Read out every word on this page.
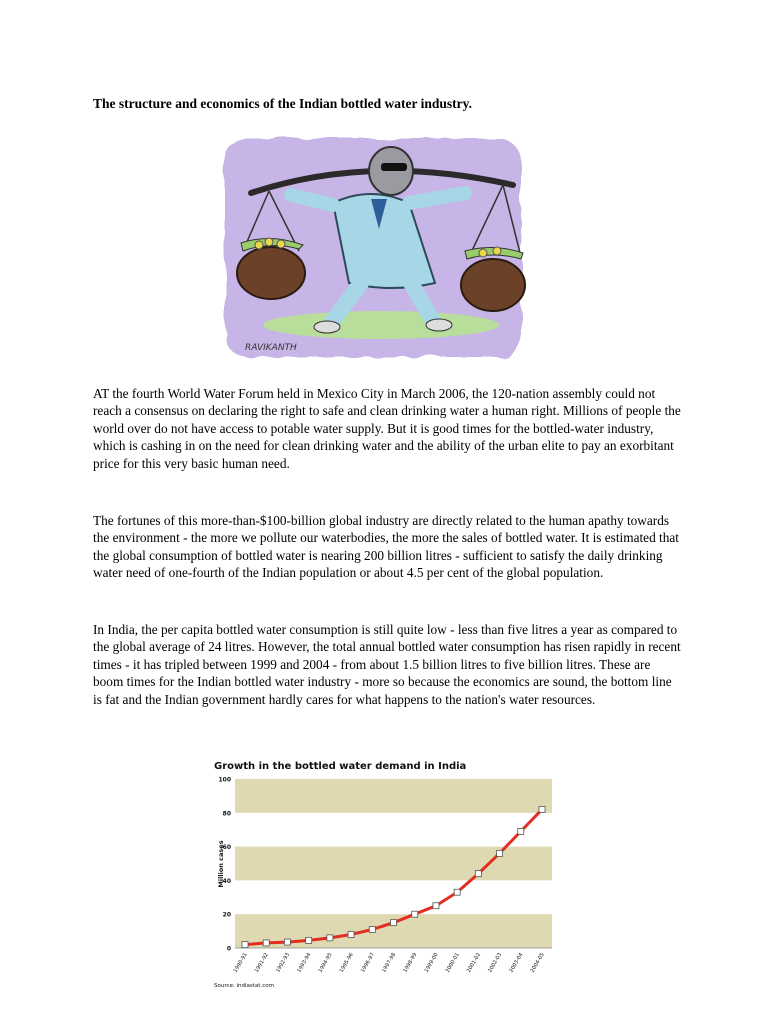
The structure and economics of the Indian bottled water industry.
RAVIKANTH

AT the fourth World Water Forum held in Mexico City in March 2006, the 120-nation assembly could not reach a consensus on declaring the right to safe and clean drinking water a human right. Millions of people the world over do not have access to potable water supply. But it is good times for the bottled-water industry, which is cashing in on the need for clean drinking water and the ability of the urban elite to pay an exorbitant price for this very basic human need.

The fortunes of this more-than-$100-billion global industry are directly related to the human apathy towards the environment - the more we pollute our waterbodies, the more the sales of bottled water. It is estimated that the global consumption of bottled water is nearing 200 billion litres - sufficient to satisfy the daily drinking water need of one-fourth of the Indian population or about 4.5 per cent of the global population.

In India, the per capita bottled water consumption is still quite low - less than five litres a year as compared to the global average of 24 litres. However, the total annual bottled water consumption has risen rapidly in recent times - it has tripled between 1999 and 2004 - from about 1.5 billion litres to five billion litres. These are boom times for the Indian bottled water industry - more so because the economics are sound, the bottom line is fat and the Indian government hardly cares for what happens to the nation's water resources.

Growth in the bottled water demand in India
0
20
40
60
80
100
Million cases
1990-91 1991-92 1992-93 1993-94 1994-95 1995-96 1996-97 1997-98 1998-99 1999-00 2000-01 2001-02 2002-03 2003-04 2004-05
Source: indiastat.com
